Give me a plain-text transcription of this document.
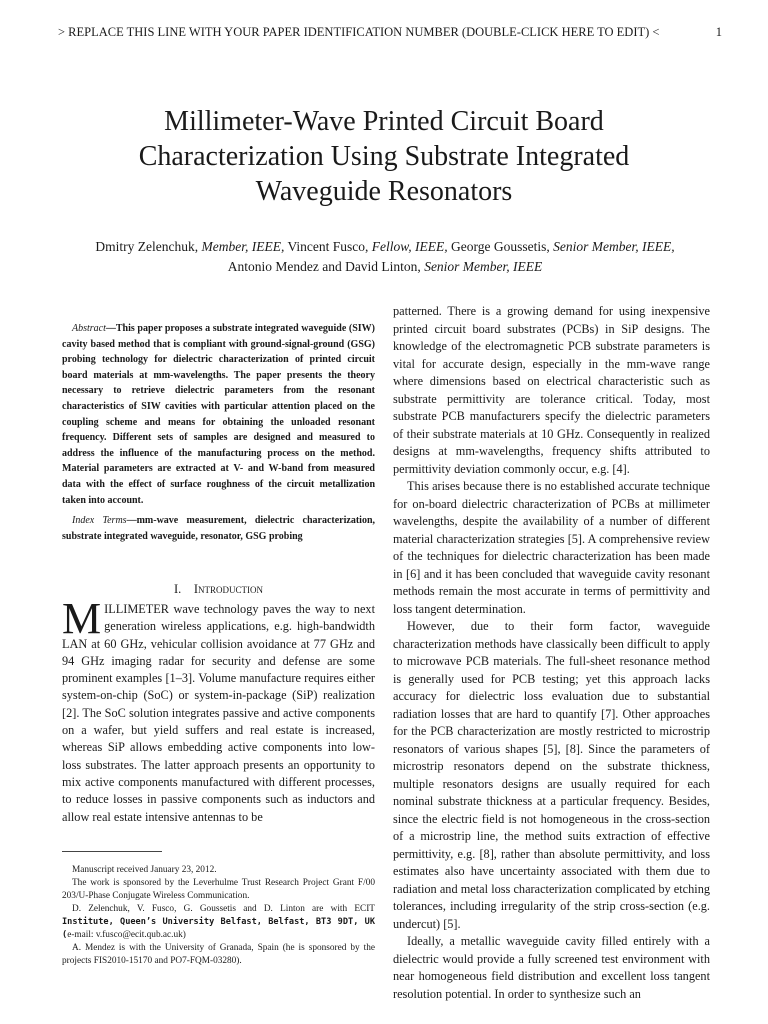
> REPLACE THIS LINE WITH YOUR PAPER IDENTIFICATION NUMBER (DOUBLE-CLICK HERE TO EDIT) <	1
Millimeter-Wave Printed Circuit Board
Characterization Using Substrate Integrated
Waveguide Resonators
Dmitry Zelenchuk, Member, IEEE, Vincent Fusco, Fellow, IEEE, George Goussetis, Senior Member, IEEE, Antonio Mendez and David Linton, Senior Member, IEEE
Abstract—This paper proposes a substrate integrated waveguide (SIW) cavity based method that is compliant with ground-signal-ground (GSG) probing technology for dielectric characterization of printed circuit board materials at mm-wavelengths. The paper presents the theory necessary to retrieve dielectric parameters from the resonant characteristics of SIW cavities with particular attention placed on the coupling scheme and means for obtaining the unloaded resonant frequency. Different sets of samples are designed and measured to address the influence of the manufacturing process on the method. Material parameters are extracted at V- and W-band from measured data with the effect of surface roughness of the circuit metallization taken into account.
Index Terms—mm-wave measurement, dielectric characterization, substrate integrated waveguide, resonator, GSG probing
I. Introduction
MILLIMETER wave technology paves the way to next generation wireless applications, e.g. high-bandwidth LAN at 60 GHz, vehicular collision avoidance at 77 GHz and 94 GHz imaging radar for security and defense are some prominent examples [1–3]. Volume manufacture requires either system-on-chip (SoC) or system-in-package (SiP) realization [2]. The SoC solution integrates passive and active components on a wafer, but yield suffers and real estate is increased, whereas SiP allows embedding active components into low-loss substrates. The latter approach presents an opportunity to mix active components manufactured with different processes, to reduce losses in passive components such as inductors and allow real estate intensive antennas to be

Manuscript received January 23, 2012.

The work is sponsored by the Leverhulme Trust Research Project Grant F/00 203/U-Phase Conjugate Wireless Communication.

D. Zelenchuk, V. Fusco, G. Goussetis and D. Linton are with ECIT Institute, Queen’s University Belfast, Belfast, BT3 9DT, UK (e-mail: v.fusco@ecit.qub.ac.uk)

A. Mendez is with the University of Granada, Spain (he is sponsored by the projects FIS2010-15170 and PO7-FQM-03280).

patterned. There is a growing demand for using inexpensive printed circuit board substrates (PCBs) in SiP designs. The knowledge of the electromagnetic PCB substrate parameters is vital for accurate design, especially in the mm-wave range where dimensions based on electrical characteristic such as substrate permittivity are tolerance critical. Today, most substrate PCB manufacturers specify the dielectric parameters of their substrate materials at 10 GHz. Consequently in realized designs at mm-wavelengths, frequency shifts attributed to permittivity deviation commonly occur, e.g. [4].

This arises because there is no established accurate technique for on-board dielectric characterization of PCBs at millimeter wavelengths, despite the availability of a number of different material characterization strategies [5]. A comprehensive review of the techniques for dielectric characterization has been made in [6] and it has been concluded that waveguide cavity resonant methods remain the most accurate in terms of permittivity and loss tangent determination.

However, due to their form factor, waveguide characterization methods have classically been difficult to apply to microwave PCB materials. The full-sheet resonance method is generally used for PCB testing; yet this approach lacks accuracy for dielectric loss evaluation due to substantial radiation losses that are hard to quantify [7]. Other approaches for the PCB characterization are mostly restricted to microstrip resonators of various shapes [5], [8]. Since the parameters of microstrip resonators depend on the substrate thickness, multiple resonators designs are usually required for each nominal substrate thickness at a particular frequency. Besides, since the electric field is not homogeneous in the cross-section of a microstrip line, the method suits extraction of effective permittivity, e.g. [8], rather than absolute permittivity, and loss estimates also have uncertainty associated with them due to radiation and metal loss characterization complicated by etching tolerances, including irregularity of the strip cross-section (e.g. undercut) [5].

Ideally, a metallic waveguide cavity filled entirely with a dielectric would provide a fully screened test environment with near homogeneous field distribution and excellent loss tangent resolution potential. In order to synthesize such an
